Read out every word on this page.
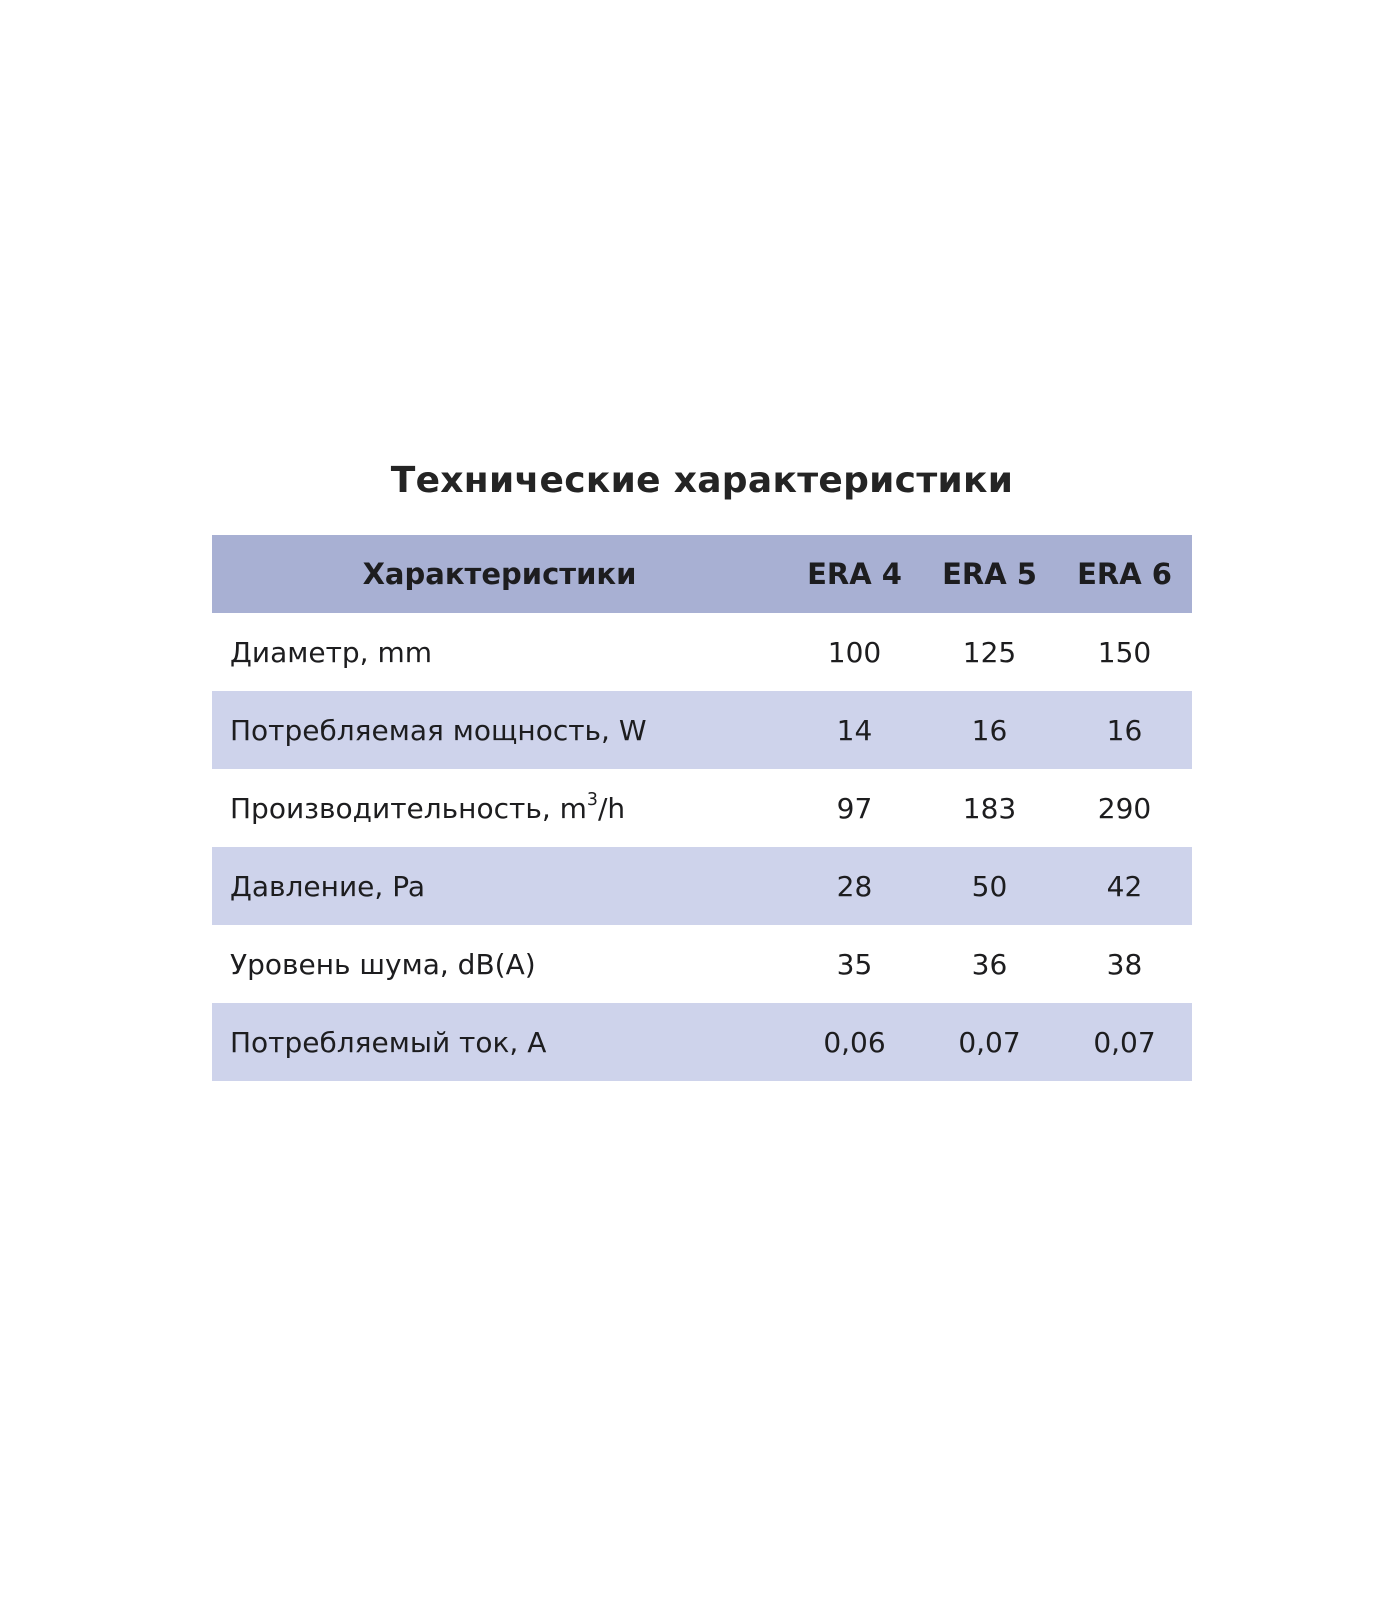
Технические характеристики
Характеристики	ERA 4	ERA 5	ERA 6
Диаметр, mm	100	125	150
Потребляемая мощность, W	14	16	16
Производительность, $m^3/h$	97	183	290
Давление, Pa	28	50	42
Уровень шума, dB(A)	35	36	38
Потребляемый ток, A	0,06	0,07	0,07
